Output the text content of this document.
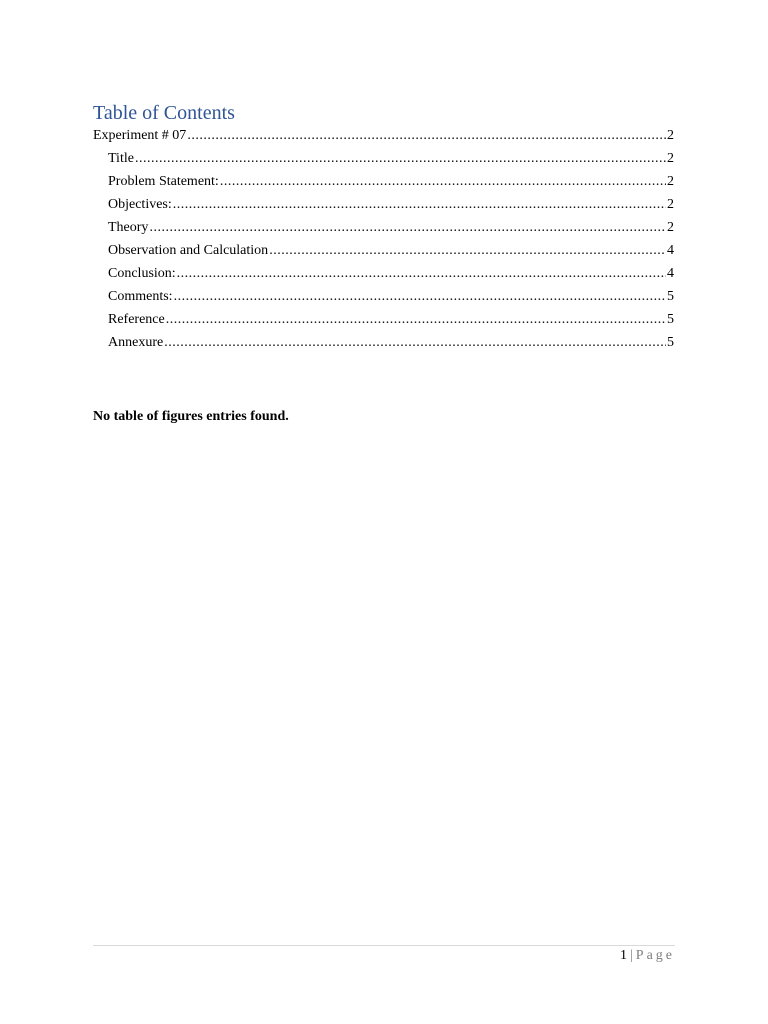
Table of Contents
Experiment # 07 .....	2
Title .....	2
Problem Statement: .....	2
Objectives: .....	2
Theory .....	2
Observation and Calculation .....	4
Conclusion: .....	4
Comments: .....	5
Reference .....	5
Annexure .....	5

No table of figures entries found.

1 | Page
